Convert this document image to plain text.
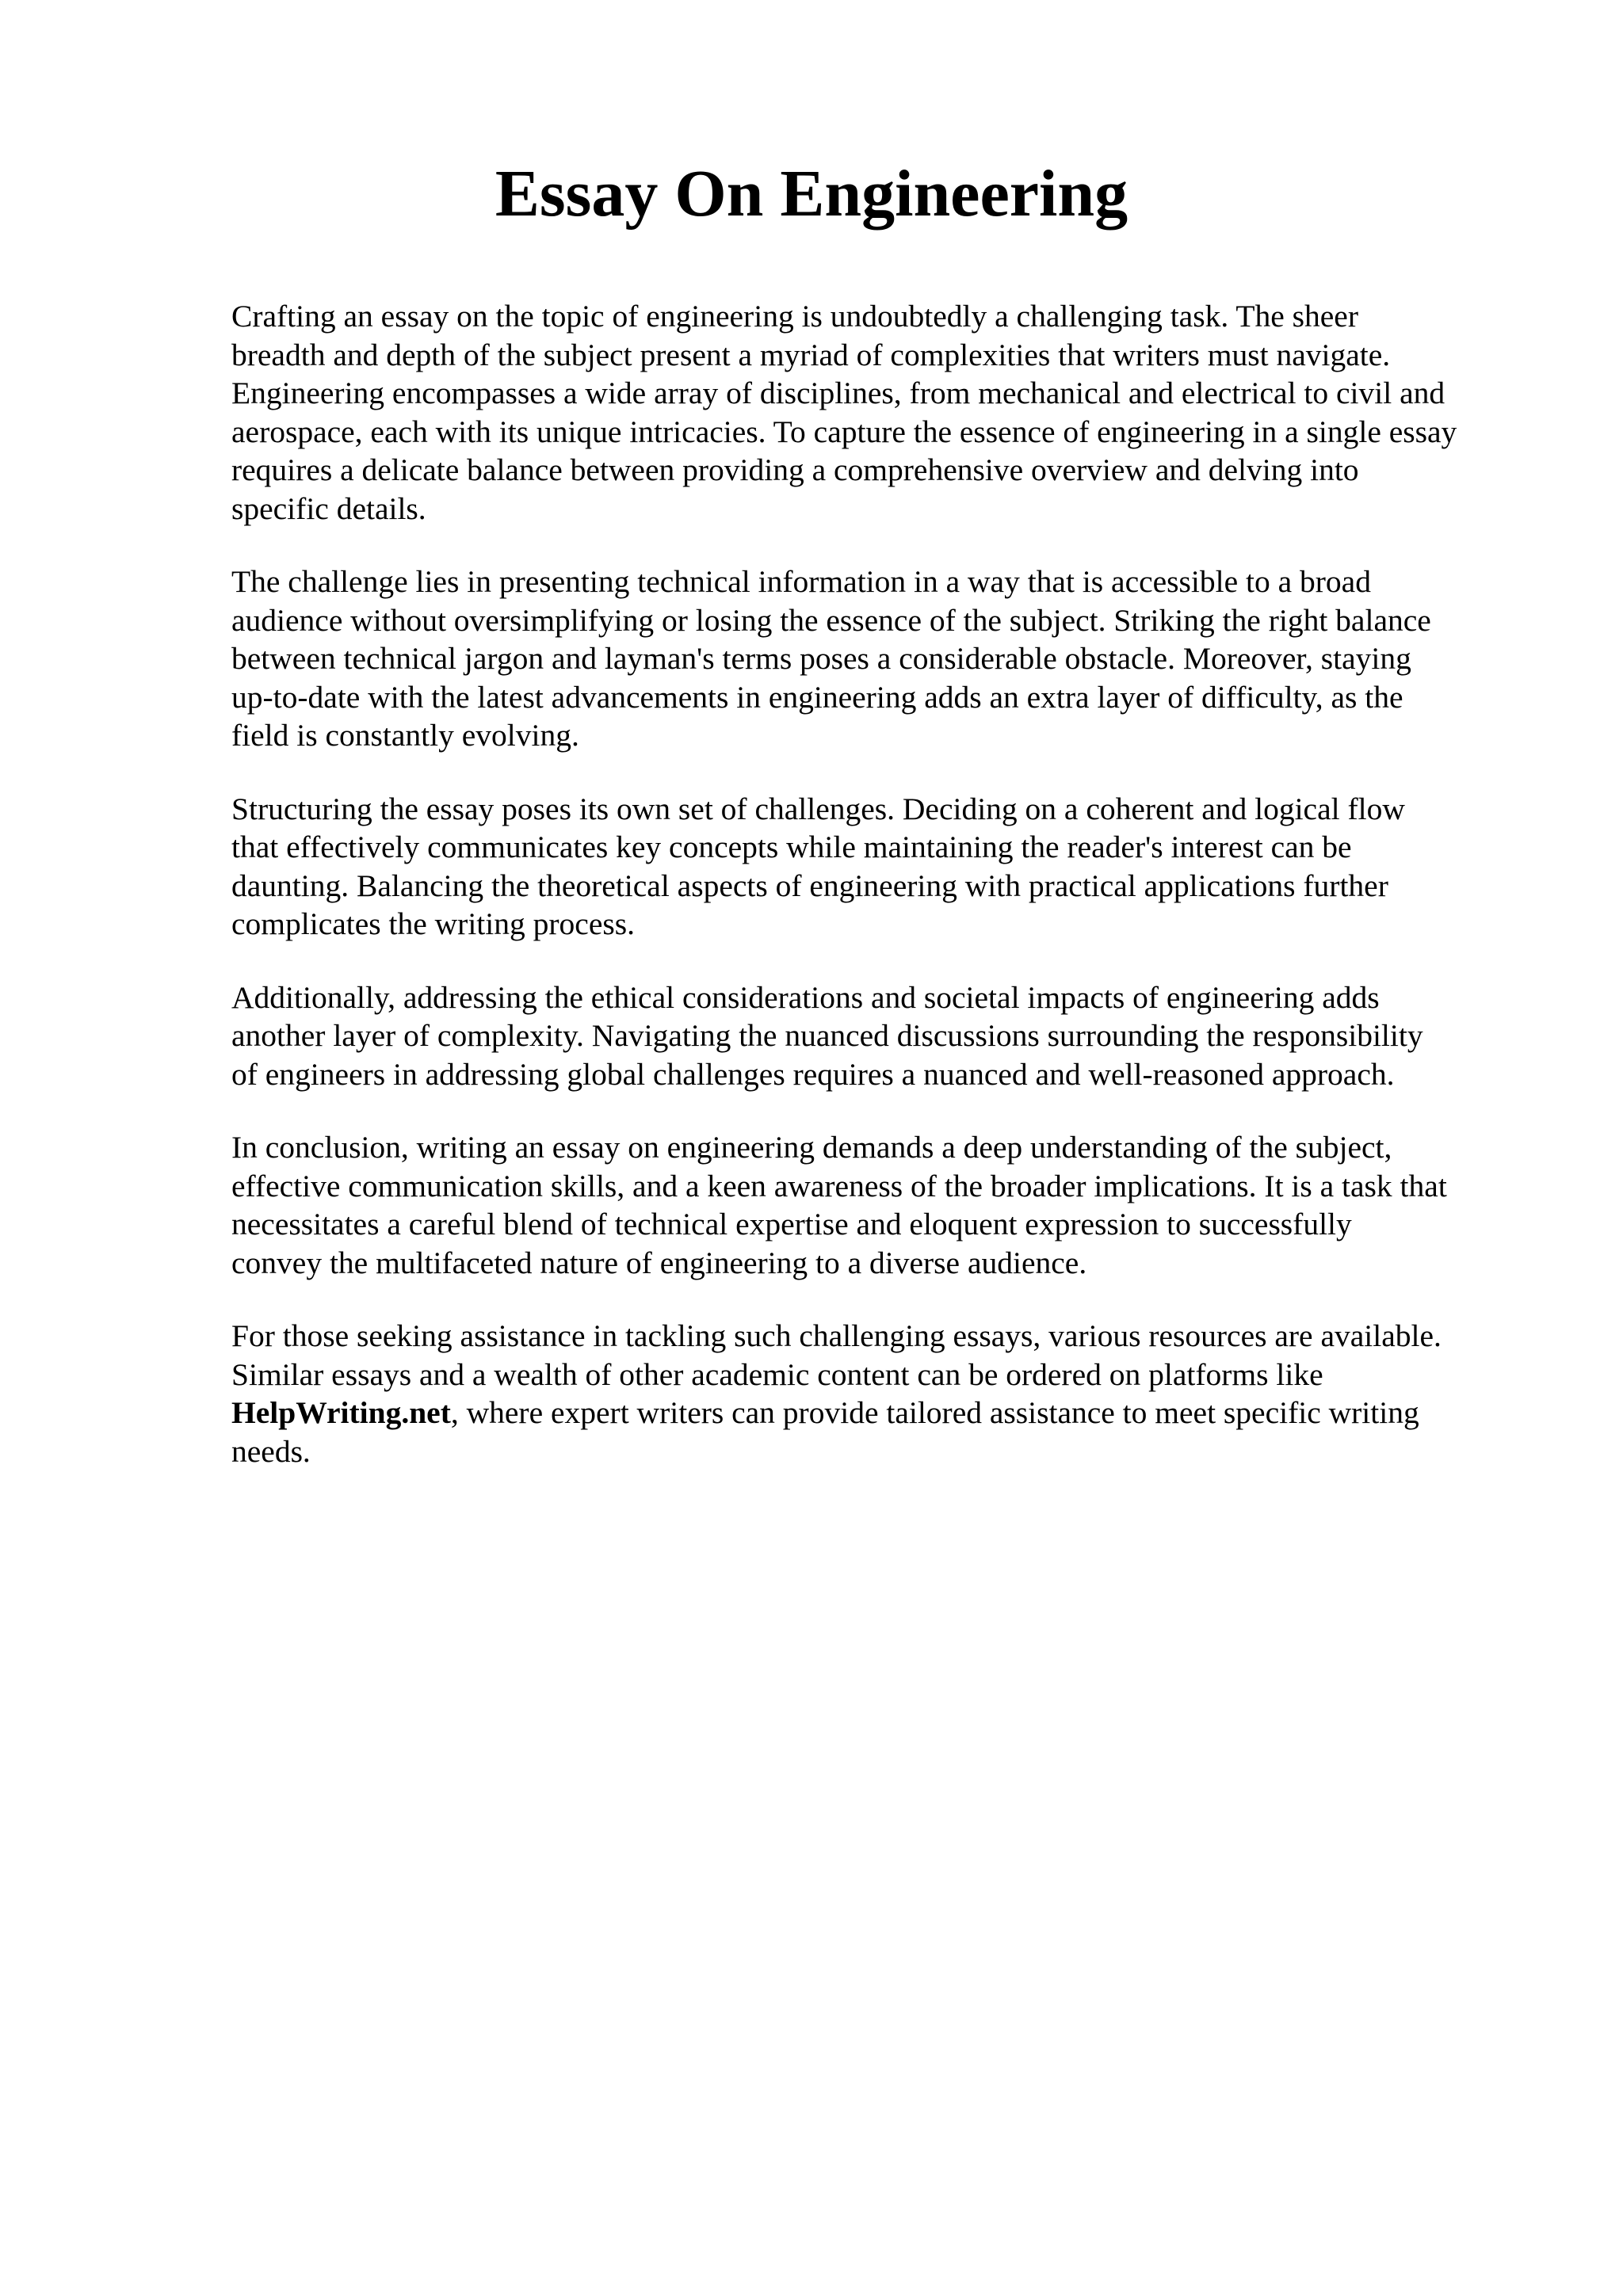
Essay On Engineering

Crafting an essay on the topic of engineering is undoubtedly a challenging task. The sheer
breadth and depth of the subject present a myriad of complexities that writers must navigate.
Engineering encompasses a wide array of disciplines, from mechanical and electrical to civil and
aerospace, each with its unique intricacies. To capture the essence of engineering in a single essay
requires a delicate balance between providing a comprehensive overview and delving into
specific details.

The challenge lies in presenting technical information in a way that is accessible to a broad
audience without oversimplifying or losing the essence of the subject. Striking the right balance
between technical jargon and layman's terms poses a considerable obstacle. Moreover, staying
up-to-date with the latest advancements in engineering adds an extra layer of difficulty, as the
field is constantly evolving.

Structuring the essay poses its own set of challenges. Deciding on a coherent and logical flow
that effectively communicates key concepts while maintaining the reader's interest can be
daunting. Balancing the theoretical aspects of engineering with practical applications further
complicates the writing process.

Additionally, addressing the ethical considerations and societal impacts of engineering adds
another layer of complexity. Navigating the nuanced discussions surrounding the responsibility
of engineers in addressing global challenges requires a nuanced and well-reasoned approach.

In conclusion, writing an essay on engineering demands a deep understanding of the subject,
effective communication skills, and a keen awareness of the broader implications. It is a task that
necessitates a careful blend of technical expertise and eloquent expression to successfully
convey the multifaceted nature of engineering to a diverse audience.

For those seeking assistance in tackling such challenging essays, various resources are available.
Similar essays and a wealth of other academic content can be ordered on platforms like
HelpWriting.net, where expert writers can provide tailored assistance to meet specific writing
needs.
